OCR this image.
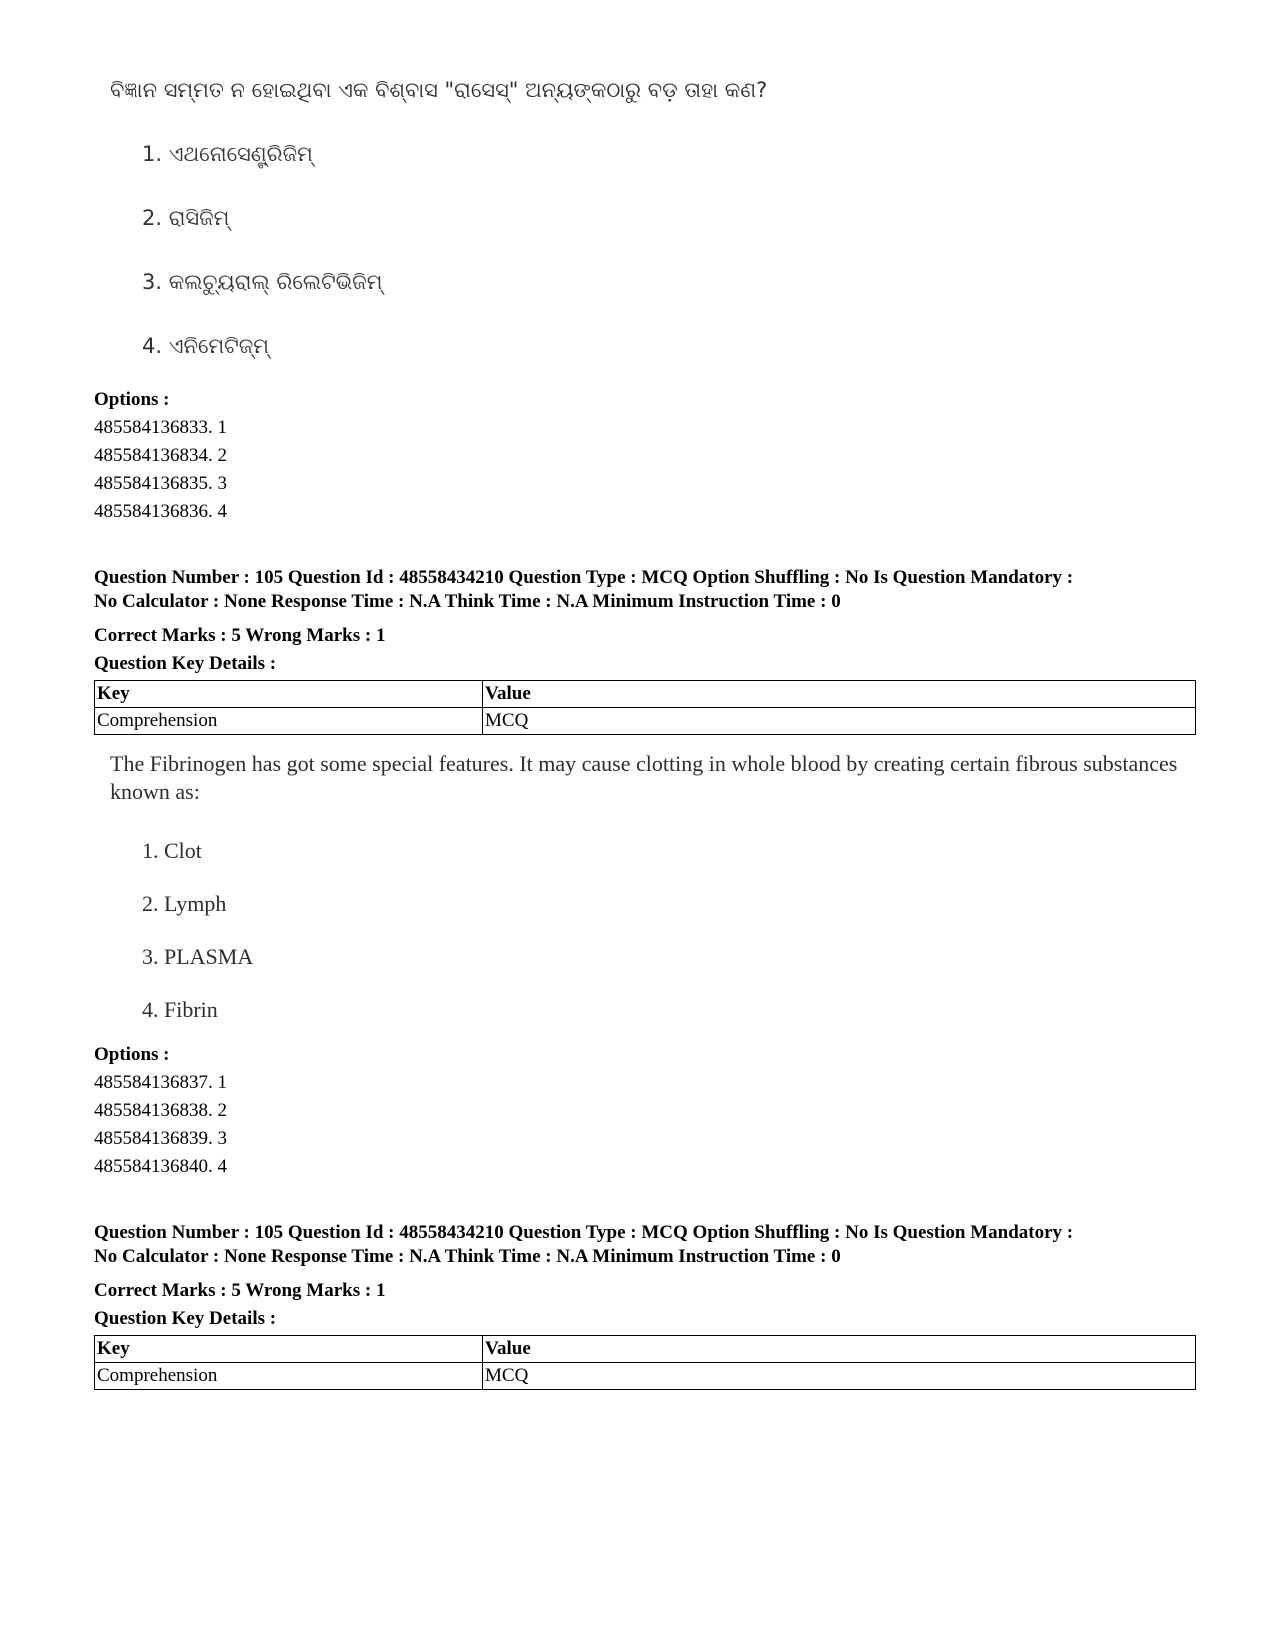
ବିଜ୍ଞାନ ସମ୍ମତ ନ ହୋଇଥିବା ଏକ ବିଶ୍ବାସ "ରାସେସ୍" ଅନ୍ୟଙ୍କଠାରୁ ବଡ଼ ତାହା କଣ?
1. ଏଥନୋସେଣ୍ଟ୍ରିଜିମ୍
2. ରାସିଜିମ୍
3. କଲଚ୍ୟୁରାଲ୍ ରିଲେଟିଭିଜିମ୍
4. ଏନିମେଟିଜ୍ମ୍
Options :
485584136833. 1
485584136834. 2
485584136835. 3
485584136836. 4
Question Number : 105 Question Id : 48558434210 Question Type : MCQ Option Shuffling : No Is Question Mandatory :
No Calculator : None Response Time : N.A Think Time : N.A Minimum Instruction Time : 0
Correct Marks : 5 Wrong Marks : 1
Question Key Details :
Key	Value
Comprehension	MCQ
The Fibrinogen has got some special features. It may cause clotting in whole blood by creating certain fibrous substances known as:
1. Clot
2. Lymph
3. PLASMA
4. Fibrin
Options :
485584136837. 1
485584136838. 2
485584136839. 3
485584136840. 4
Question Number : 105 Question Id : 48558434210 Question Type : MCQ Option Shuffling : No Is Question Mandatory :
No Calculator : None Response Time : N.A Think Time : N.A Minimum Instruction Time : 0
Correct Marks : 5 Wrong Marks : 1
Question Key Details :
Key	Value
Comprehension	MCQ
